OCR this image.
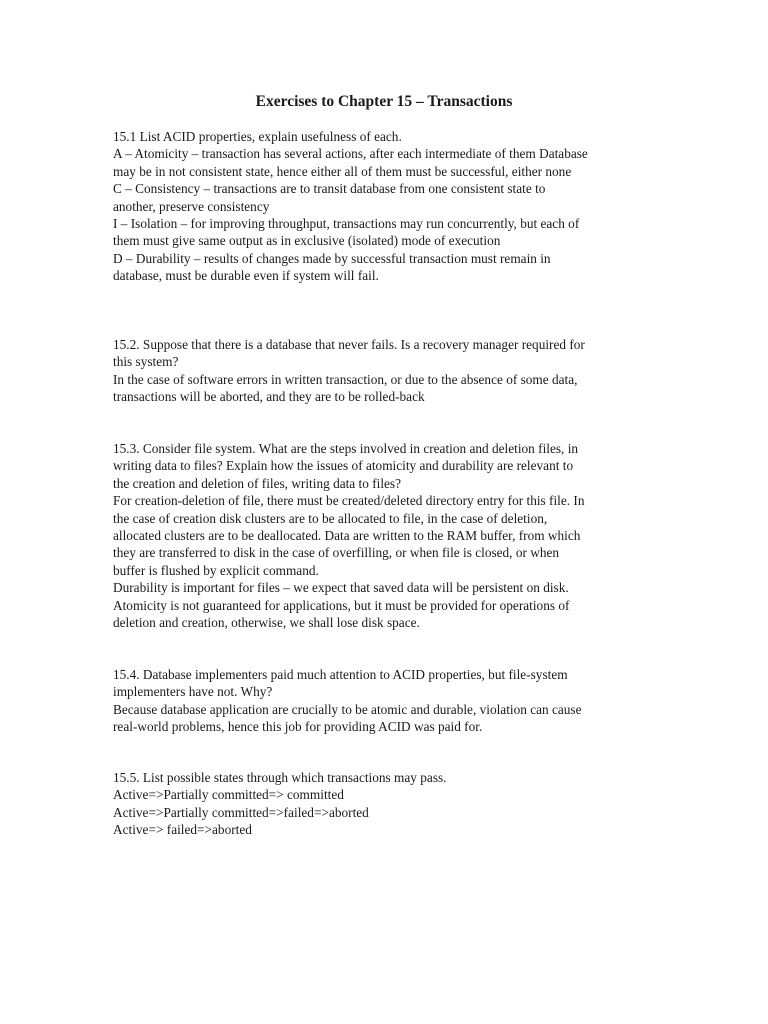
Exercises to Chapter 15 – Transactions
15.1 List ACID properties, explain usefulness of each.
A – Atomicity – transaction has several actions, after each intermediate of them Database
may be in not consistent state, hence either all of them must be successful, either none
C – Consistency – transactions are to transit database from one consistent state to
another, preserve consistency
I – Isolation – for improving throughput, transactions may run concurrently, but each of
them must give same output as in exclusive (isolated) mode of execution
D – Durability – results of changes made by successful transaction must remain in
database, must be durable even if system will fail.
15.2. Suppose that there is a database that never fails. Is a recovery manager required for
this system?
In the case of software errors in written transaction, or due to the absence of some data,
transactions will be aborted, and they are to be rolled-back
15.3. Consider file system. What are the steps involved in creation and deletion files, in
writing data to files? Explain how the issues of atomicity and durability are relevant to
the creation and deletion of files, writing data to files?
For creation-deletion of file, there must be created/deleted directory entry for this file. In
the case of creation disk clusters are to be allocated to file, in the case of deletion,
allocated clusters are to be deallocated. Data are written to the RAM buffer, from which
they are transferred to disk in the case of overfilling, or when file is closed, or when
buffer is flushed by explicit command.
Durability is important for files – we expect that saved data will be persistent on disk.
Atomicity is not guaranteed for applications, but it must be provided for operations of
deletion and creation, otherwise, we shall lose disk space.
15.4. Database implementers paid much attention to ACID properties, but file-system
implementers have not. Why?
Because database application are crucially to be atomic and durable, violation can cause
real-world problems, hence this job for providing ACID was paid for.
15.5. List possible states through which transactions may pass.
Active=>Partially committed=> committed
Active=>Partially committed=>failed=>aborted
Active=> failed=>aborted
